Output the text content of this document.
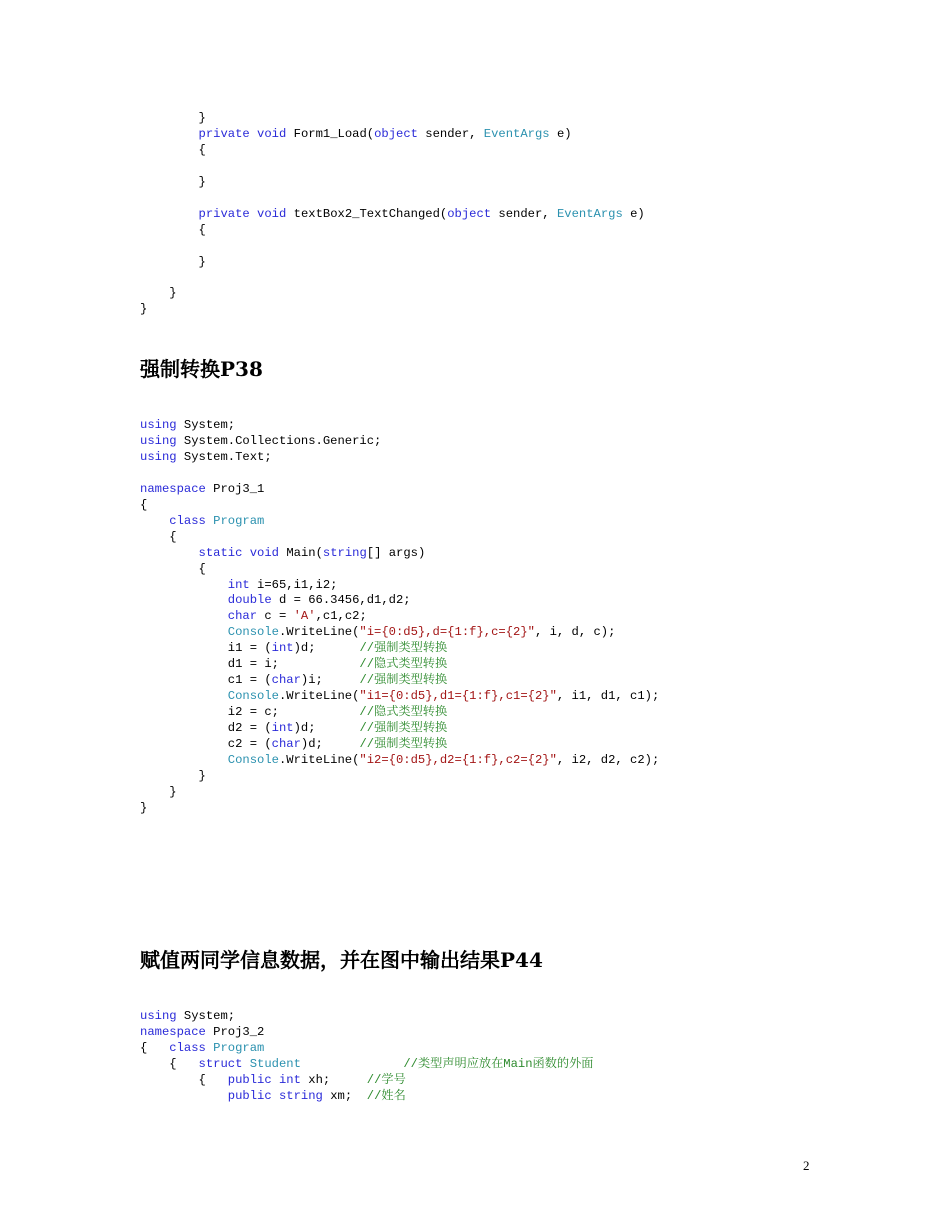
}
private void Form1_Load(object sender, EventArgs e)
{
}
private void textBox2_TextChanged(object sender, EventArgs e)
{
}
}
}
强制转换P38
using System;
using System.Collections.Generic;
using System.Text;
namespace Proj3_1
{
class Program
{
static void Main(string[] args)
{
int i=65,i1,i2;
double d = 66.3456,d1,d2;
char c = 'A',c1,c2;
Console.WriteLine("i={0:d5},d={1:f},c={2}", i, d, c);
i1 = (int)d;      //强制类型转换
d1 = i;           //隐式类型转换
c1 = (char)i;     //强制类型转换
Console.WriteLine("i1={0:d5},d1={1:f},c1={2}", i1, d1, c1);
i2 = c;           //隐式类型转换
d2 = (int)d;      //强制类型转换
c2 = (char)d;     //强制类型转换
Console.WriteLine("i2={0:d5},d2={1:f},c2={2}", i2, d2, c2);
}
}
}
赋值两同学信息数据，并在图中输出结果P44
using System;
namespace Proj3_2
{   class Program
{   struct Student	//类型声明应放在Main函数的外面
{   public int xh;     //学号
public string xm;  //姓名
2
